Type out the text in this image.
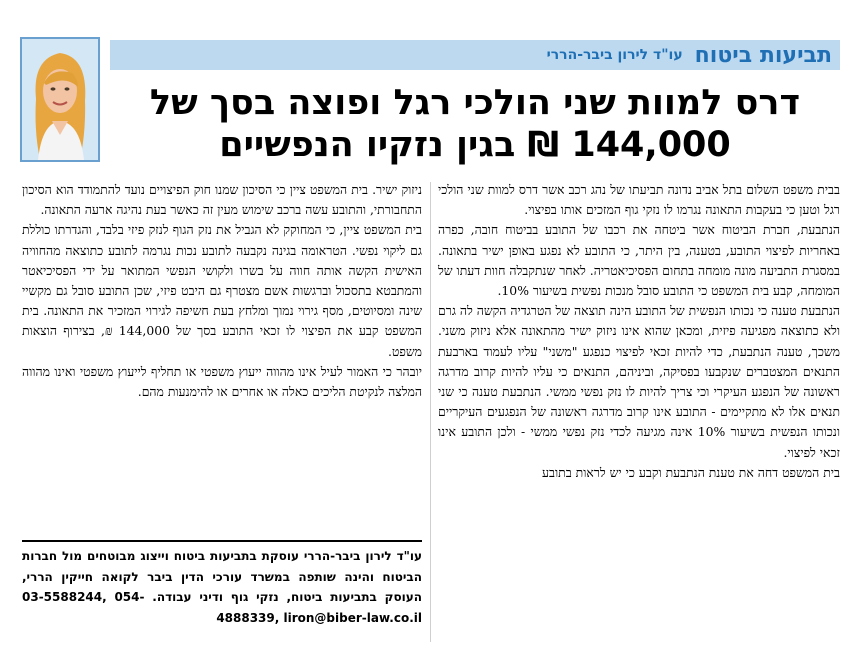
תביעות ביטוח
עו"ד לירון ביבר-הררי
דרס למוות שני הולכי רגל ופוצה בסך של
144,000 ₪ בגין נזקיו הנפשיים

בבית משפט השלום בתל אביב נדונה תביעתו של נהג רכב אשר דרס למוות שני הולכי רגל וטען כי בעקבות התאונה נגרמו לו נזקי גוף המזכים אותו בפיצוי.

הנתבעת, חברת הביטוח אשר ביטחה את רכבו של התובע בביטוח חובה, כפרה באחריות לפיצוי התובע, בטענה, בין היתר, כי התובע לא נפגע באופן ישיר בתאונה. במסגרת התביעה מונה מומחה בתחום הפסיכיאטריה. לאחר שנתקבלה חוות דעתו של המומחה, קבע בית המשפט כי התובע סובל מנכות נפשית בשיעור 10%.

הנתבעת טענה כי נכותו הנפשית של התובע הינה תוצאה של הטרגדיה הקשה לה גרם ולא כתוצאה מפגיעה פיזית, ומכאן שהוא אינו ניזוק ישיר מהתאונה אלא ניזוק משני. משכך, טענה הנתבעת, כדי להיות זכאי לפיצוי כנפגע "משני" עליו לעמוד בארבעת התנאים המצטברים שנקבעו בפסיקה, וביניהם, התנאים כי עליו להיות קרוב מדרגה ראשונה של הנפגע העיקרי וכי צריך להיות לו נזק נפשי ממשי. הנתבעת טענה כי שני תנאים אלו לא מתקיימים - התובע אינו קרוב מדרגה ראשונה של הנפגעים העיקריים ונכותו הנפשית בשיעור 10% אינה מגיעה לכדי נזק נפשי ממשי - ולכן התובע אינו זכאי לפיצוי.

בית המשפט דחה את טענת הנתבעת וקבע כי יש לראות בתובע

ניזוק ישיר. בית המשפט ציין כי הסיכון שמנו חוק הפיצויים נועד להתמודד הוא הסיכון התחבורתי, והתובע עשה ברכב שימוש מעין זה כאשר בעת נהיגה ארעה התאונה.

בית המשפט ציין, כי המחוקק לא הגביל את נזק הגוף לנזק פיזי בלבד, והגדרתו כוללת גם ליקוי נפשי. הטראומה בגינה נקבעה לתובע נכות נגרמה לתובע כתוצאה מהחוויה האישית הקשה אותה חווה על בשרו ולקושי הנפשי המתואר על ידי הפסיכיאטר והמתבטא בתסכול וברגשות אשם מצטרף גם היבט פיזי, שכן התובע סובל גם מקשיי שינה ומסיוטים, מסף גירוי נמוך ומלחץ בעת חשיפה לגירוי המזכיר את התאונה. בית המשפט קבע את הפיצוי לו זכאי התובע בסך של 144,000 ₪, בצירוף הוצאות משפט.

יובהר כי האמור לעיל אינו מהווה ייעוץ משפטי או תחליף לייעוץ משפטי ואינו מהווה המלצה לנקיטת הליכים כאלה או אחרים או להימנעות מהם.

עו"ד לירון ביבר-הררי עוסקת בתביעות ביטוח וייצוג מבוטחים מול חברות הביטוח והינה שותפה במשרד עורכי הדין ביבר לקואה חייקין הררי, העוסק בתביעות ביטוח, נזקי גוף ודיני עבודה. 03-5588244, 054-4888339, liron@biber-law.co.il
